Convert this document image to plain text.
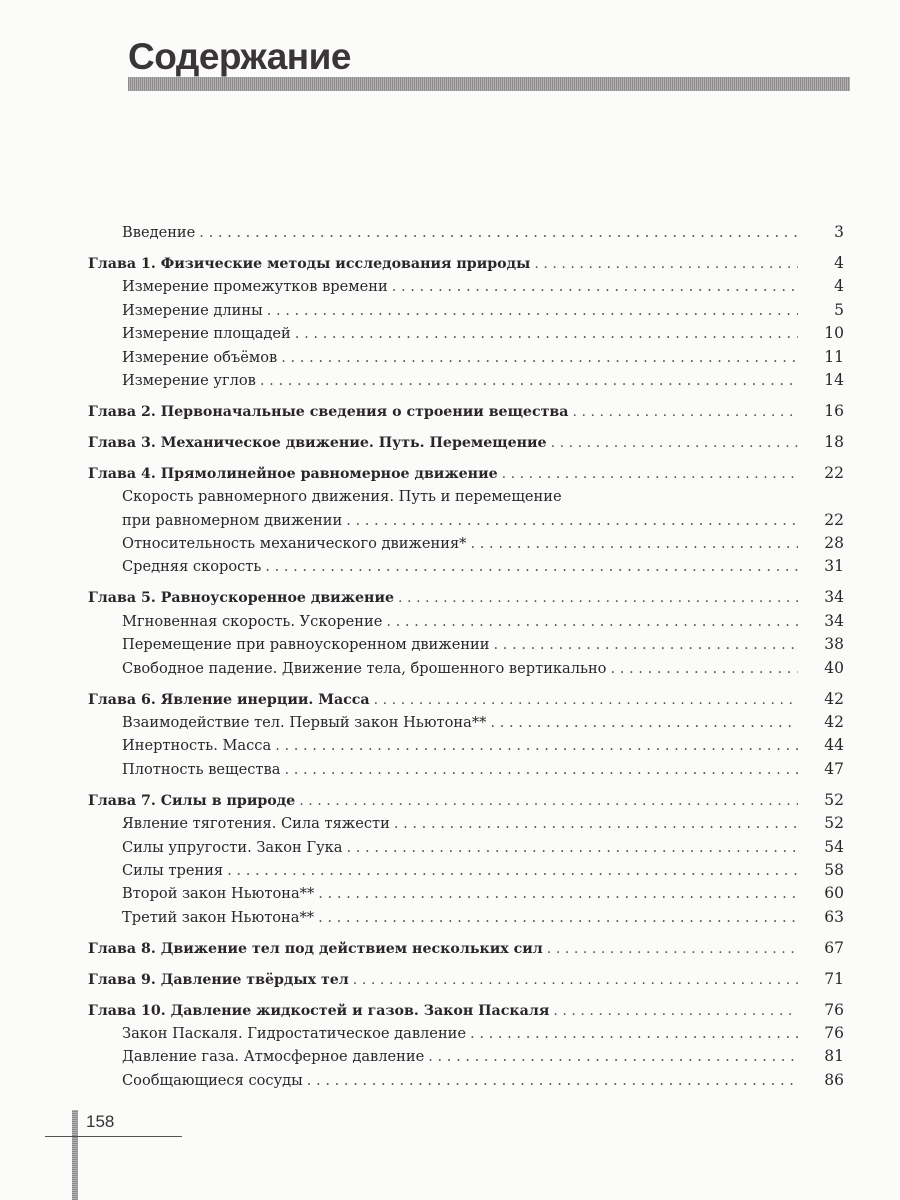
Содержание
Введение . . .	3
Глава 1. Физические методы исследования природы . . .	4
Измерение промежутков времени . . .	4
Измерение длины . . .	5
Измерение площадей . . .	10
Измерение объёмов . . .	11
Измерение углов . . .	14
Глава 2. Первоначальные сведения о строении вещества . . .	16
Глава 3. Механическое движение. Путь. Перемещение . . .	18
Глава 4. Прямолинейное равномерное движение . . .	22
Скорость равномерного движения. Путь и перемещение
при равномерном движении . . .	22
Относительность механического движения* . . .	28
Средняя скорость . . .	31
Глава 5. Равноускоренное движение . . .	34
Мгновенная скорость. Ускорение . . .	34
Перемещение при равноускоренном движении . . .	38
Свободное падение. Движение тела, брошенного вертикально . . .	40
Глава 6. Явление инерции. Масса . . .	42
Взаимодействие тел. Первый закон Ньютона** . . .	42
Инертность. Масса . . .	44
Плотность вещества . . .	47
Глава 7. Силы в природе . . .	52
Явление тяготения. Сила тяжести . . .	52
Силы упругости. Закон Гука . . .	54
Силы трения . . .	58
Второй закон Ньютона** . . .	60
Третий закон Ньютона** . . .	63
Глава 8. Движение тел под действием нескольких сил . . .	67
Глава 9. Давление твёрдых тел . . .	71
Глава 10. Давление жидкостей и газов. Закон Паскаля . . .	76
Закон Паскаля. Гидростатическое давление . . .	76
Давление газа. Атмосферное давление . . .	81
Сообщающиеся сосуды . . .	86
158
